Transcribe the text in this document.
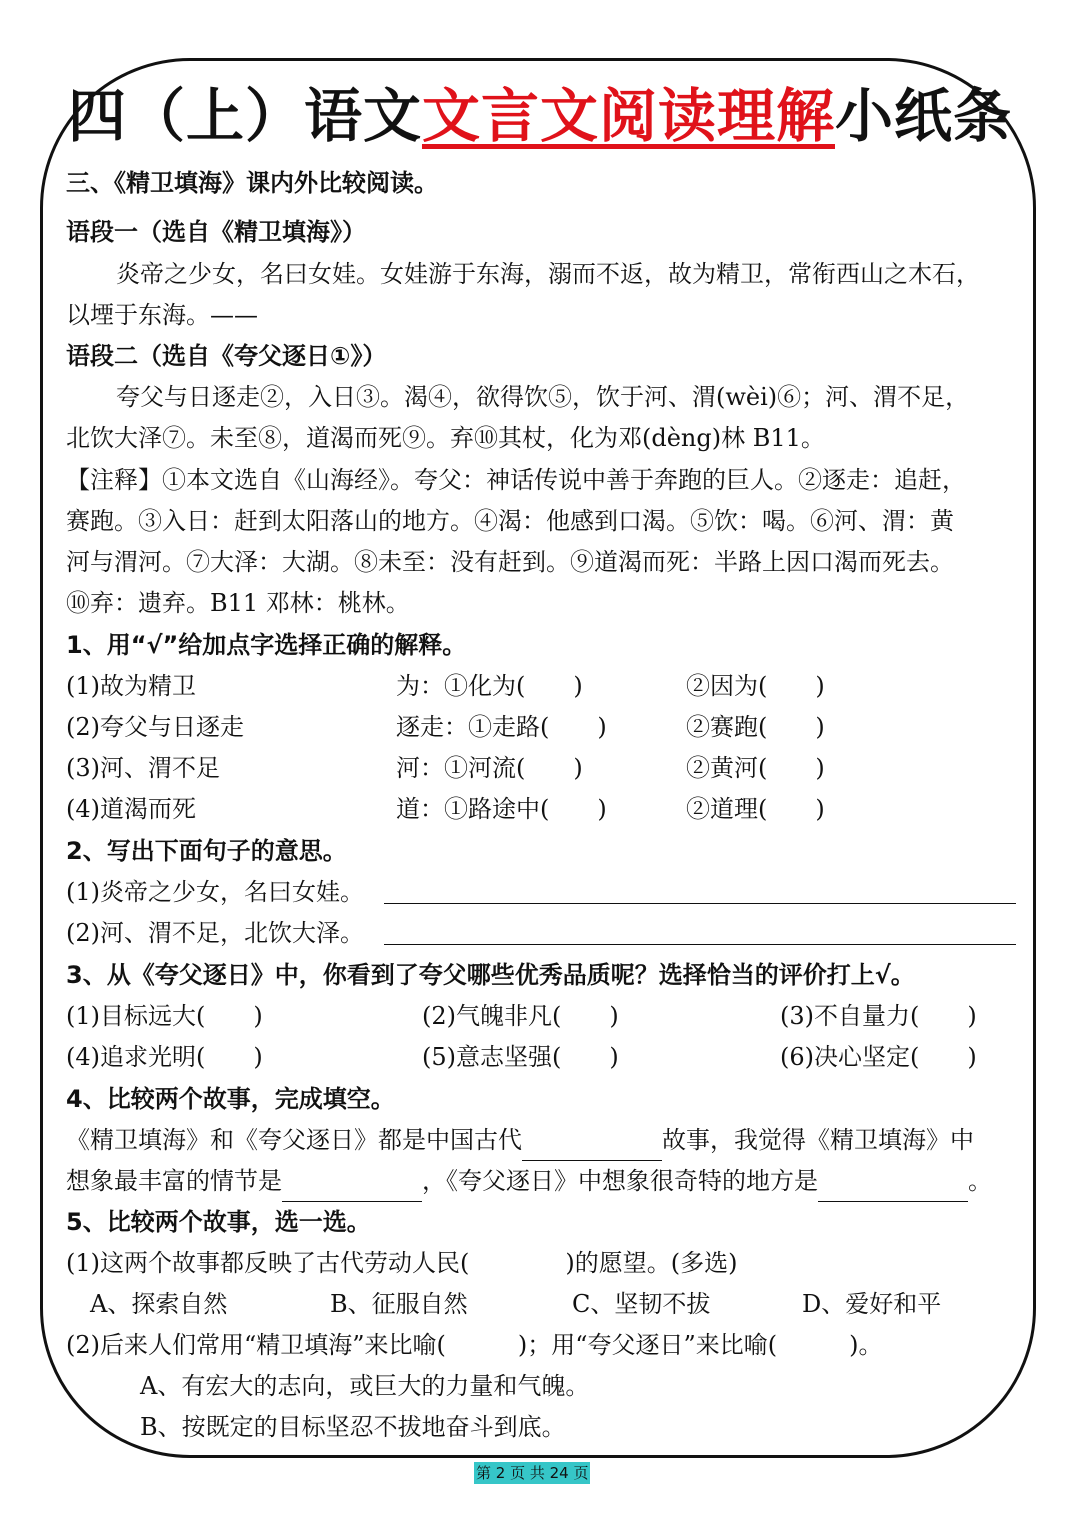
四（上）语文文言文阅读理解小纸条
三、《精卫填海》课内外比较阅读。
语段一（选自《精卫填海》）
炎帝之少女，名曰女娃。女娃游于东海，溺而不返，故为精卫，常衔西山之木石，
以堙于东海。——
语段二（选自《夸父逐日①》）
夸父与日逐走②，入日③。渴④，欲得饮⑤，饮于河、渭(wèi)⑥；河、渭不足，
北饮大泽⑦。未至⑧，道渴而死⑨。弃⑩其杖，化为邓(dèng)林 B11。
【注释】①本文选自《山海经》。夸父：神话传说中善于奔跑的巨人。②逐走：追赶，
赛跑。③入日：赶到太阳落山的地方。④渴：他感到口渴。⑤饮：喝。⑥河、渭：黄
河与渭河。⑦大泽：大湖。⑧未至：没有赶到。⑨道渴而死：半路上因口渴而死去。
⑩弃：遗弃。B11 邓林：桃林。
1、用“√”给加点字选择正确的解释。
(1)故为精卫	为：①化为(　　)	②因为(　　)
(2)夸父与日逐走	逐走：①走路(　　)	②赛跑(　　)
(3)河、渭不足	河：①河流(　　)	②黄河(　　)
(4)道渴而死	道：①路途中(　　)	②道理(　　)
2、写出下面句子的意思。
(1)炎帝之少女，名曰女娃。
(2)河、渭不足，北饮大泽。
3、从《夸父逐日》中，你看到了夸父哪些优秀品质呢？选择恰当的评价打上√。
(1)目标远大(　　)	(2)气魄非凡(　　)	(3)不自量力(　　)
(4)追求光明(　　)	(5)意志坚强(　　)	(6)决心坚定(　　)
4、比较两个故事，完成填空。
《精卫填海》和《夸父逐日》都是中国古代	故事，我觉得《精卫填海》中
想象最丰富的情节是	，《夸父逐日》中想象很奇特的地方是	。
5、比较两个故事，选一选。
(1)这两个故事都反映了古代劳动人民(　　　　)的愿望。(多选)
A、探索自然	B、征服自然	C、坚韧不拔	D、爱好和平
(2)后来人们常用“精卫填海”来比喻(　　　)；用“夸父逐日”来比喻(　　　)。
A、有宏大的志向，或巨大的力量和气魄。
B、按既定的目标坚忍不拔地奋斗到底。
第 2 页 共 24 页
